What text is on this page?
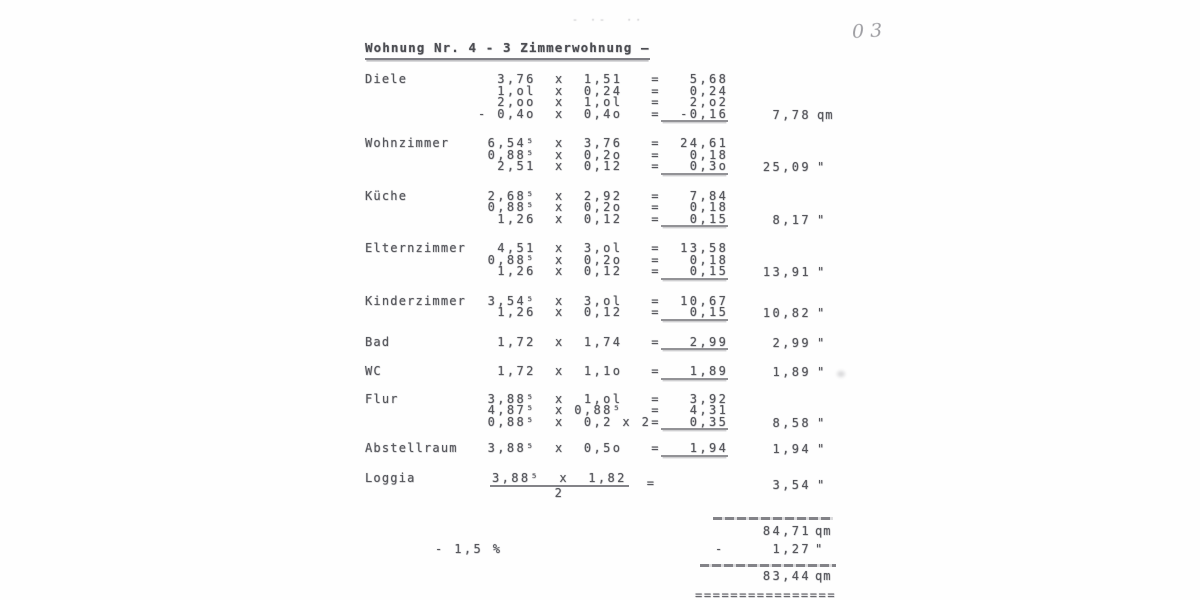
- ·-  ··	03
Wohnung Nr. 4 - 3 Zimmerwohnung –
Diele	3,76  x  1,51   =   5,68
1,ol  x  0,24   =   0,24
2,oo  x  1,ol   =   2,o2
- 0,4o  x  0,4o   =  -0,16	7,78 qm
Wohnzimmer	6,54⁵  x  3,76   =  24,61
0,88⁵  x  0,2o   =   0,18
2,51  x  0,12   =   0,3o	25,09 "
Küche	2,68⁵  x  2,92   =   7,84
0,88⁵  x  0,2o   =   0,18
1,26  x  0,12   =   0,15	8,17 "
Elternzimmer 4,51  x  3,ol   =  13,58
0,88⁵  x  0,2o   =   0,18
1,26  x  0,12   =   0,15	13,91 "
Kinderzimmer 3,54⁵  x  3,ol   =  10,67
1,26  x  0,12   =   0,15	10,82 "
Bad	1,72  x  1,74   =   2,99	2,99 "
WC	1,72  x  1,1o   =   1,89	1,89 "
Flur	3,88⁵  x  1,ol   =   3,92
4,87⁵  x 0,88⁵   =   4,31
0,88⁵  x  0,2 x 2=   0,35	8,58 "
Abstellraum	3,88⁵  x  0,5o   =   1,94	1,94 "
Loggia	$\frac{\text{3,88⁵  x  1,82}}{2}$ =	3,54 "
84,71 qm
- 1,5 %	-	1,27 "
83,44 qm
================
